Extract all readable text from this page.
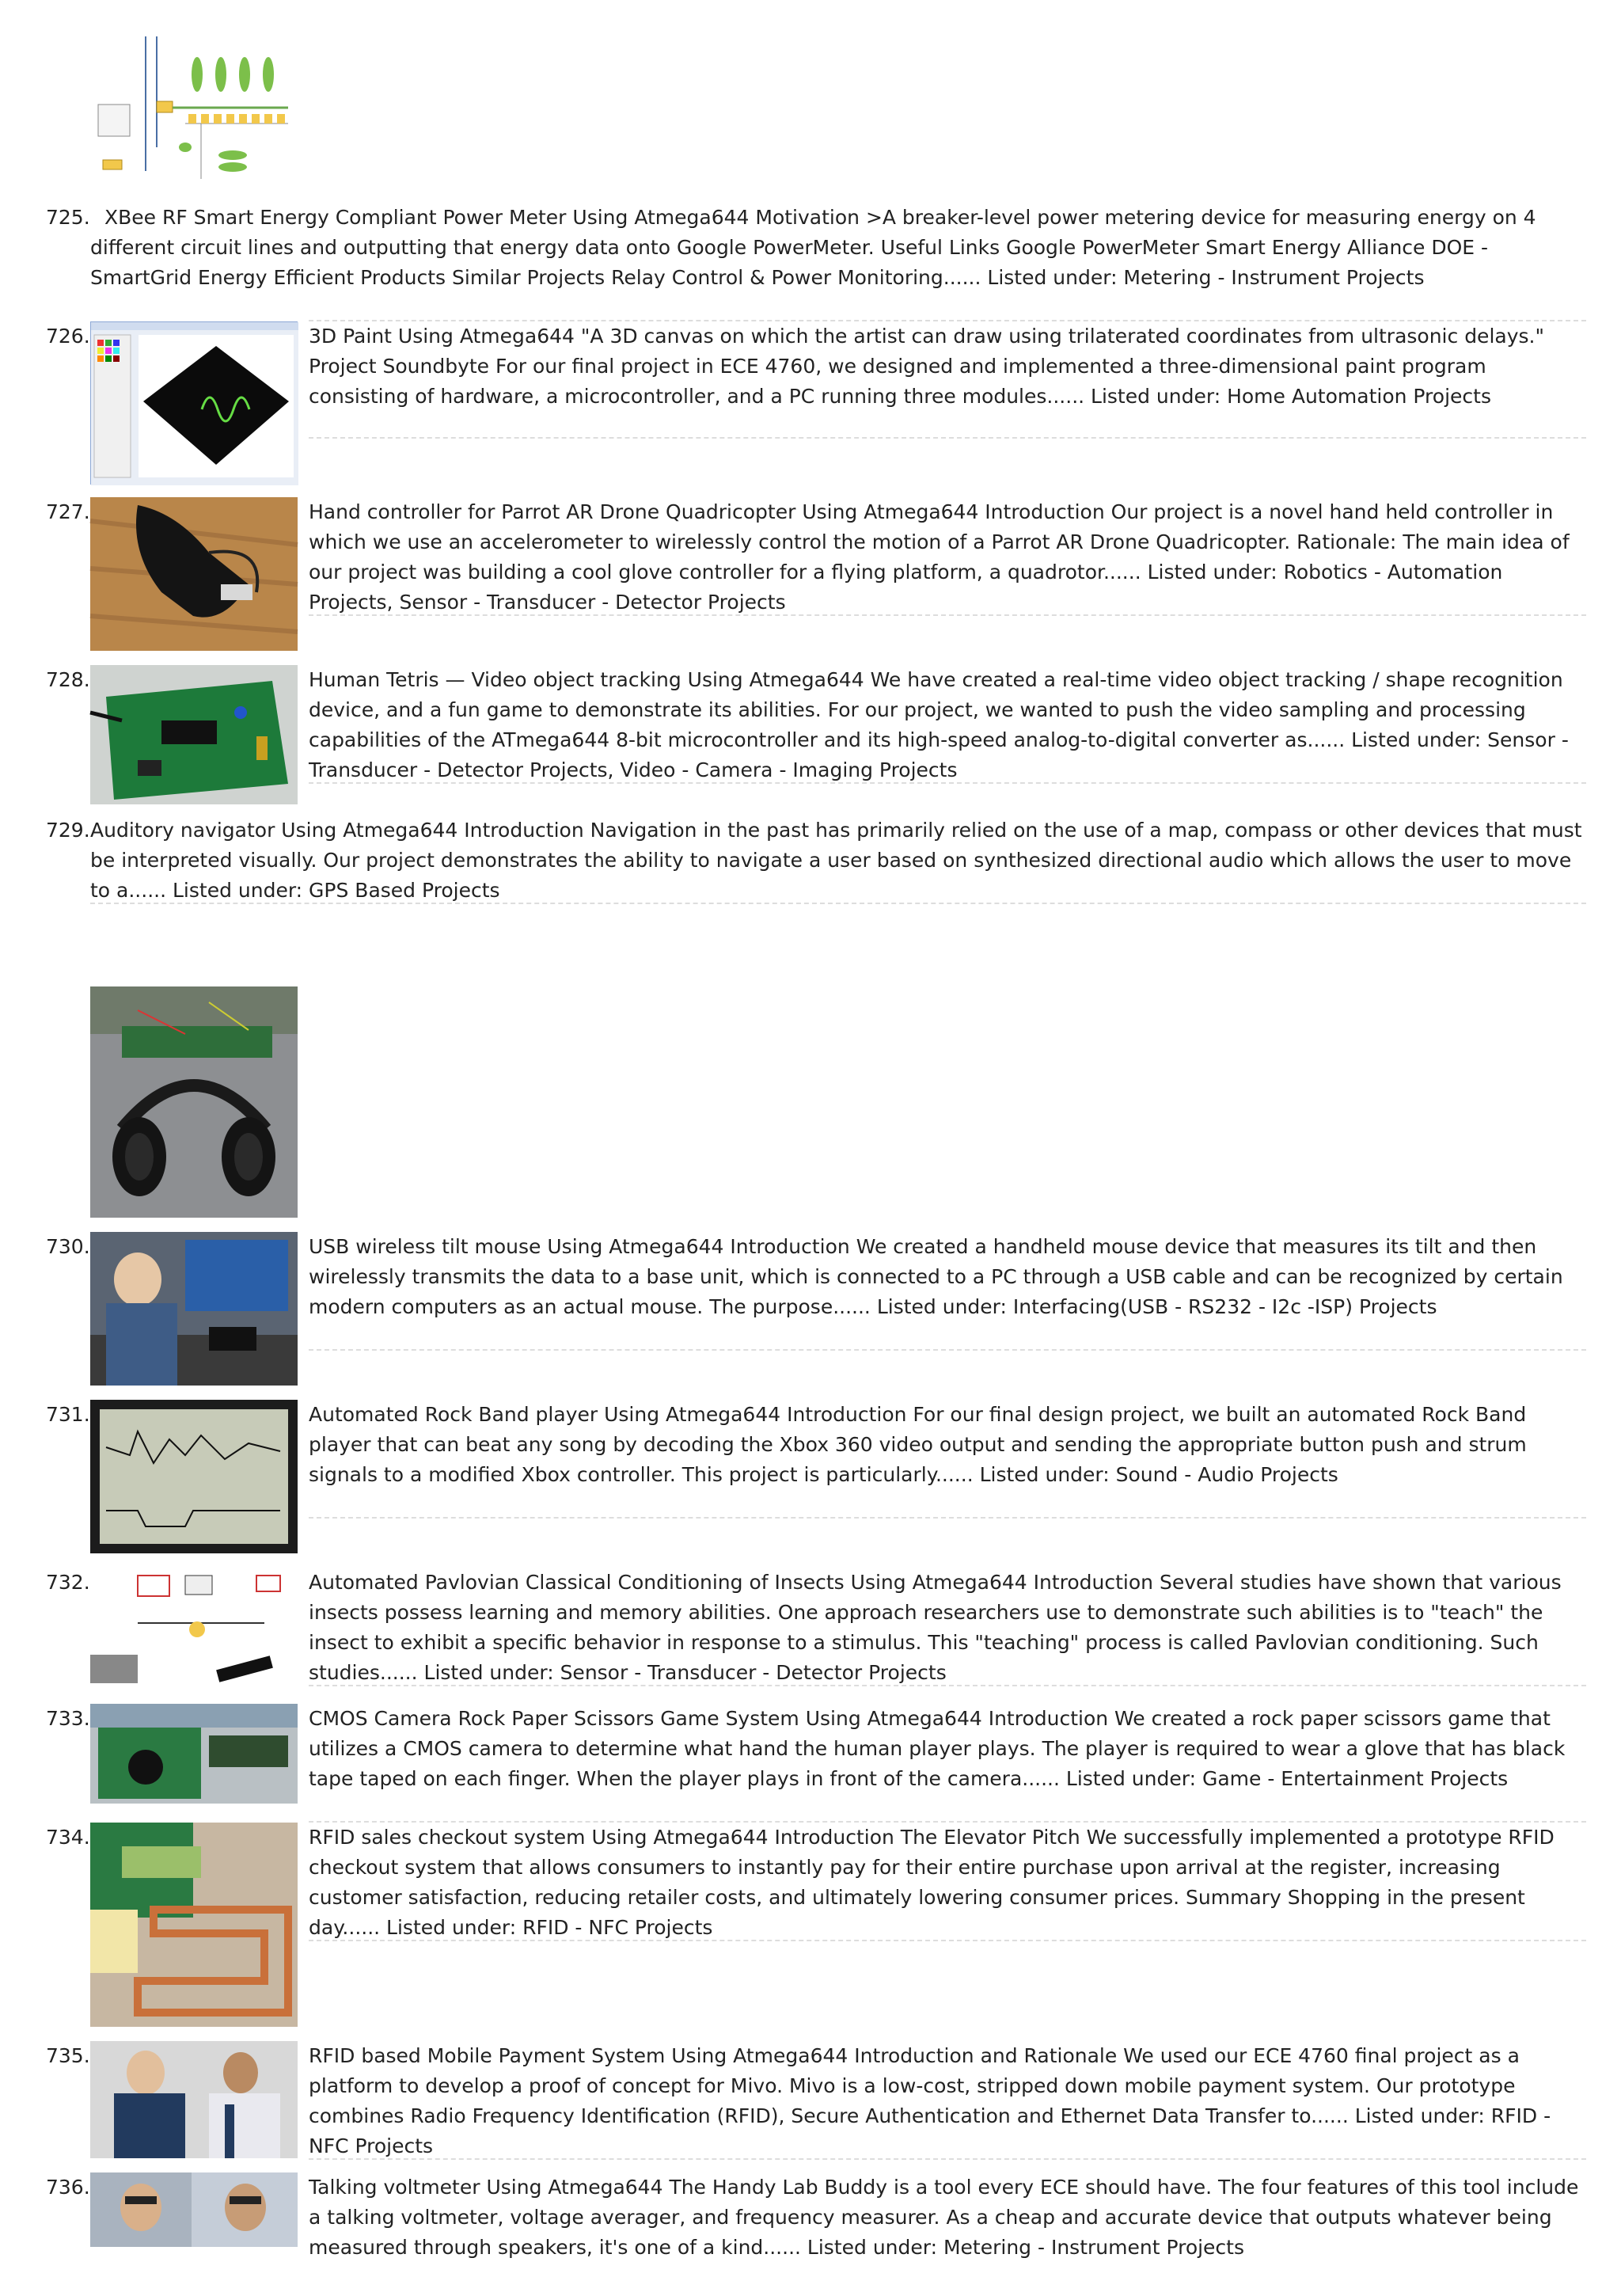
725. XBee RF Smart Energy Compliant Power Meter Using Atmega644 Motivation >A breaker-level power metering device for measuring energy on 4 different circuit lines and outputting that energy data onto Google PowerMeter. Useful Links Google PowerMeter Smart Energy Alliance DOE - SmartGrid Energy Efficient Products Similar Projects Relay Control & Power Monitoring...... Listed under: Metering - Instrument Projects
726.	3D Paint Using Atmega644 "A 3D canvas on which the artist can draw using trilaterated coordinates from ultrasonic delays." Project Soundbyte For our final project in ECE 4760, we designed and implemented a three-dimensional paint program consisting of hardware, a microcontroller, and a PC running three modules...... Listed under: Home Automation Projects
727.	Hand controller for Parrot AR Drone Quadricopter Using Atmega644 Introduction Our project is a novel hand held controller in which we use an accelerometer to wirelessly control the motion of a Parrot AR Drone Quadricopter. Rationale: The main idea of our project was building a cool glove controller for a flying platform, a quadrotor...... Listed under: Robotics - Automation Projects, Sensor - Transducer - Detector Projects
728.	Human Tetris — Video object tracking Using Atmega644 We have created a real-time video object tracking / shape recognition device, and a fun game to demonstrate its abilities. For our project, we wanted to push the video sampling and processing capabilities of the ATmega644 8-bit microcontroller and its high-speed analog-to-digital converter as...... Listed under: Sensor - Transducer - Detector Projects, Video - Camera - Imaging Projects
729. Auditory navigator Using Atmega644 Introduction Navigation in the past has primarily relied on the use of a map, compass or other devices that must be interpreted visually. Our project demonstrates the ability to navigate a user based on synthesized directional audio which allows the user to move to a...... Listed under: GPS Based Projects
730.	USB wireless tilt mouse Using Atmega644 Introduction We created a handheld mouse device that measures its tilt and then wirelessly transmits the data to a base unit, which is connected to a PC through a USB cable and can be recognized by certain modern computers as an actual mouse. The purpose...... Listed under: Interfacing(USB - RS232 - I2c -ISP) Projects
731.	Automated Rock Band player Using Atmega644 Introduction For our final design project, we built an automated Rock Band player that can beat any song by decoding the Xbox 360 video output and sending the appropriate button push and strum signals to a modified Xbox controller. This project is particularly...... Listed under: Sound - Audio Projects
732.	Automated Pavlovian Classical Conditioning of Insects Using Atmega644 Introduction Several studies have shown that various insects possess learning and memory abilities. One approach researchers use to demonstrate such abilities is to "teach" the insect to exhibit a specific behavior in response to a stimulus. This "teaching" process is called Pavlovian conditioning. Such studies...... Listed under: Sensor - Transducer - Detector Projects
733.	CMOS Camera Rock Paper Scissors Game System Using Atmega644 Introduction We created a rock paper scissors game that utilizes a CMOS camera to determine what hand the human player plays. The player is required to wear a glove that has black tape taped on each finger. When the player plays in front of the camera...... Listed under: Game - Entertainment Projects
734.	RFID sales checkout system Using Atmega644 Introduction The Elevator Pitch We successfully implemented a prototype RFID checkout system that allows consumers to instantly pay for their entire purchase upon arrival at the register, increasing customer satisfaction, reducing retailer costs, and ultimately lowering consumer prices. Summary Shopping in the present day...... Listed under: RFID - NFC Projects
735.	RFID based Mobile Payment System Using Atmega644 Introduction and Rationale We used our ECE 4760 final project as a platform to develop a proof of concept for Mivo. Mivo is a low-cost, stripped down mobile payment system. Our prototype combines Radio Frequency Identification (RFID), Secure Authentication and Ethernet Data Transfer to...... Listed under: RFID - NFC Projects
736.	Talking voltmeter Using Atmega644 The Handy Lab Buddy is a tool every ECE should have. The four features of this tool include a talking voltmeter, voltage averager, and frequency measurer. As a cheap and accurate device that outputs whatever being measured through speakers, it's one of a kind...... Listed under: Metering - Instrument Projects
